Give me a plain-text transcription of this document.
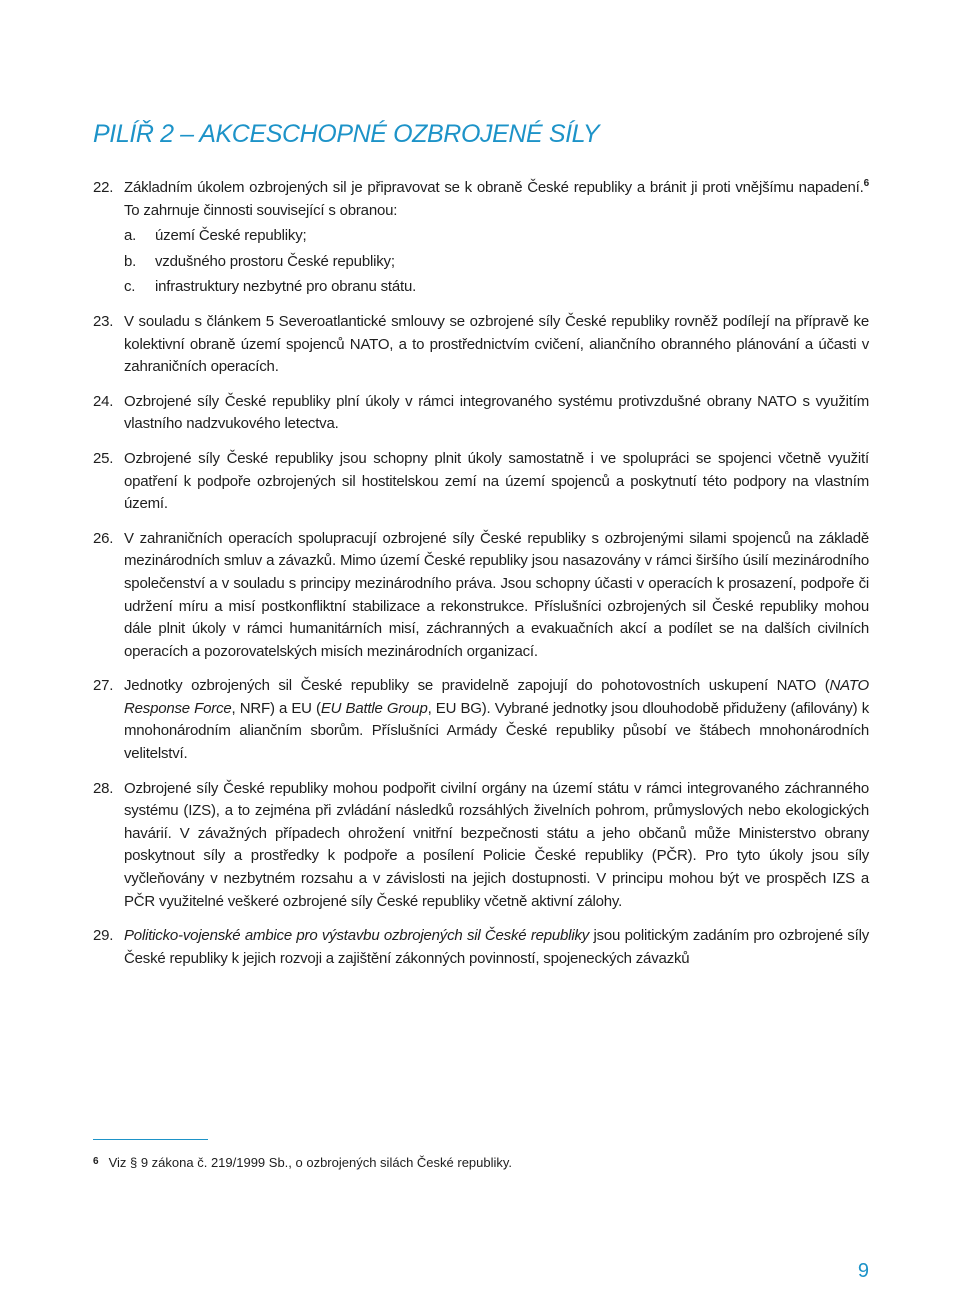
PILÍŘ 2 – AKCESCHOPNÉ OZBROJENÉ SÍLY
22. Základním úkolem ozbrojených sil je připravovat se k obraně České republiky a bránit ji proti vnějšímu napadení.$^6$ To zahrnuje činnosti související s obranou:
a. území České republiky;
b. vzdušného prostoru České republiky;
c. infrastruktury nezbytné pro obranu státu.
23. V souladu s článkem 5 Severoatlantické smlouvy se ozbrojené síly České republiky rovněž podílejí na přípravě ke kolektivní obraně území spojenců NATO, a to prostřednictvím cvičení, aliančního obranného plánování a účasti v zahraničních operacích.
24. Ozbrojené síly České republiky plní úkoly v rámci integrovaného systému protivzdušné obrany NATO s využitím vlastního nadzvukového letectva.
25. Ozbrojené síly České republiky jsou schopny plnit úkoly samostatně i ve spolupráci se spojenci včetně využití opatření k podpoře ozbrojených sil hostitelskou zemí na území spojenců a poskytnutí této podpory na vlastním území.
26. V zahraničních operacích spolupracují ozbrojené síly České republiky s ozbrojenými silami spojenců na základě mezinárodních smluv a závazků. Mimo území České republiky jsou nasazovány v rámci širšího úsilí mezinárodního společenství a v souladu s principy mezinárodního práva. Jsou schopny účasti v operacích k prosazení, podpoře či udržení míru a misí postkonfliktní stabilizace a rekonstrukce. Příslušníci ozbrojených sil České republiky mohou dále plnit úkoly v rámci humanitárních misí, záchranných a evakuačních akcí a podílet se na dalších civilních operacích a pozorovatelských misích mezinárodních organizací.
27. Jednotky ozbrojených sil České republiky se pravidelně zapojují do pohotovostních uskupení NATO (NATO Response Force, NRF) a EU (EU Battle Group, EU BG). Vybrané jednotky jsou dlouhodobě přiduženy (afilovány) k mnohonárodním aliančním sborům. Příslušníci Armády České republiky působí ve štábech mnohonárodních velitelství.
28. Ozbrojené síly České republiky mohou podpořit civilní orgány na území státu v rámci integrovaného záchranného systému (IZS), a to zejména při zvládání následků rozsáhlých živelních pohrom, průmyslových nebo ekologických havárií. V závažných případech ohrožení vnitřní bezpečnosti státu a jeho občanů může Ministerstvo obrany poskytnout síly a prostředky k podpoře a posílení Policie České republiky (PČR). Pro tyto úkoly jsou síly vyčleňovány v nezbytném rozsahu a v závislosti na jejich dostupnosti. V principu mohou být ve prospěch IZS a PČR využitelné veškeré ozbrojené síly České republiky včetně aktivní zálohy.
29. Politicko-vojenské ambice pro výstavbu ozbrojených sil České republiky jsou politickým zadáním pro ozbrojené síly České republiky k jejich rozvoji a zajištění zákonných povinností, spojeneckých závazků
$^6$ Viz § 9 zákona č. 219/1999 Sb., o ozbrojených silách České republiky.
9
